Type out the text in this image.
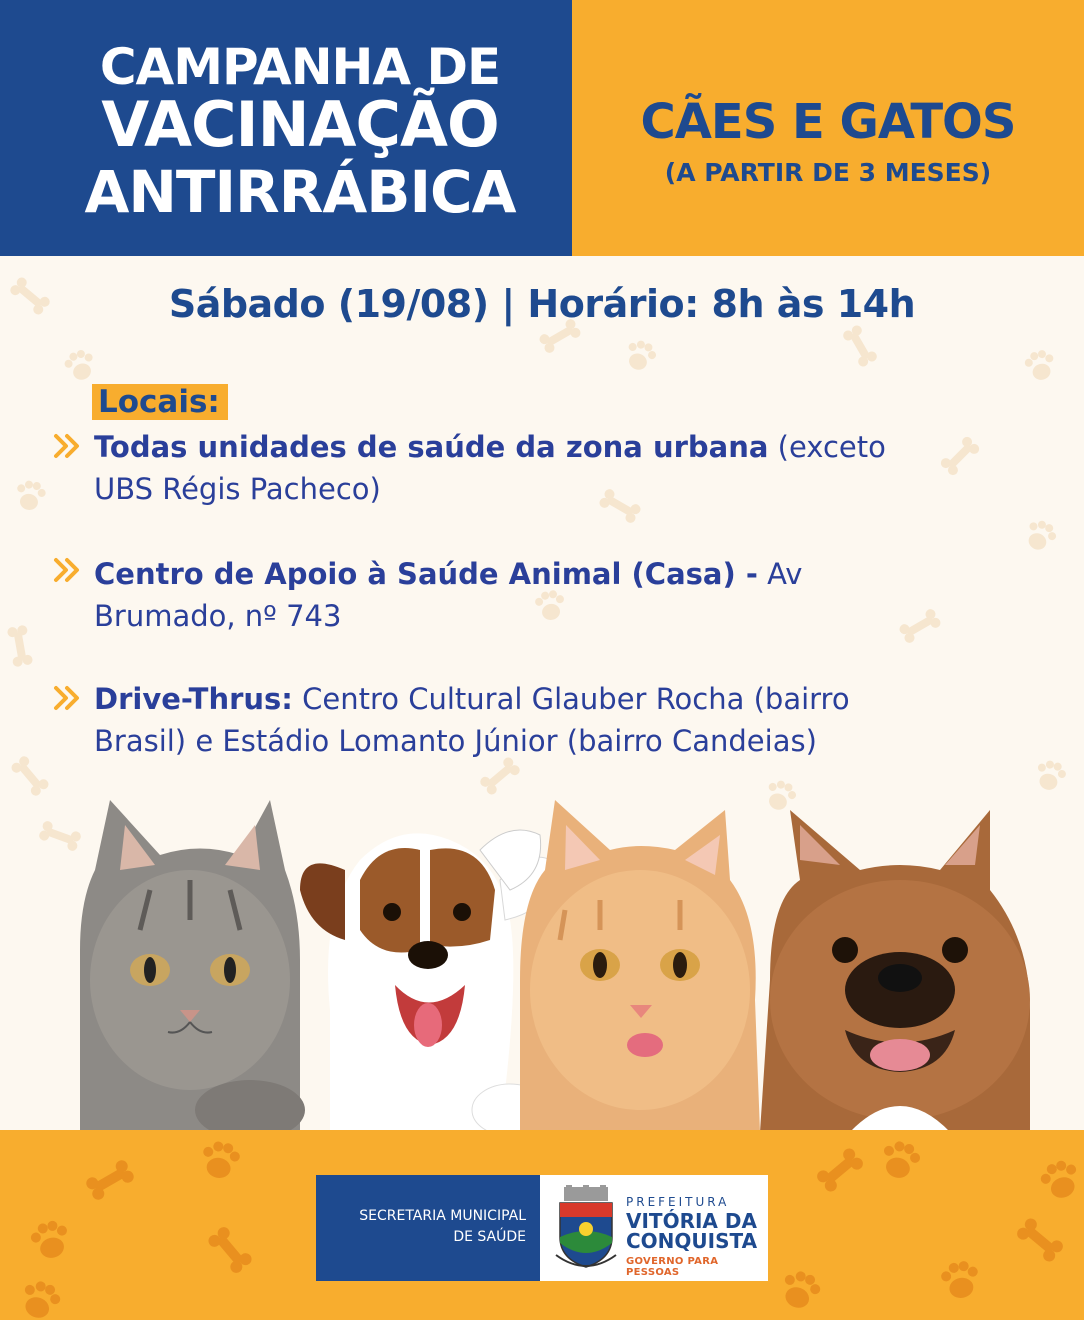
CAMPANHA DE
VACINAÇÃO
ANTIRRÁBICA
CÃES E GATOS
(A PARTIR DE 3 MESES)
Sábado (19/08) | Horário: 8h às 14h
Locais:
Todas unidades de saúde da zona urbana (exceto
UBS Régis Pacheco)
Centro de Apoio à Saúde Animal (Casa) - Av
Brumado, nº 743
Drive-Thrus: Centro Cultural Glauber Rocha (bairro
Brasil) e Estádio Lomanto Júnior (bairro Candeias)
SECRETARIA MUNICIPAL
DE SAÚDE
PREFEITURA
VITÓRIA DA
CONQUISTA
GOVERNO PARA PESSOAS
